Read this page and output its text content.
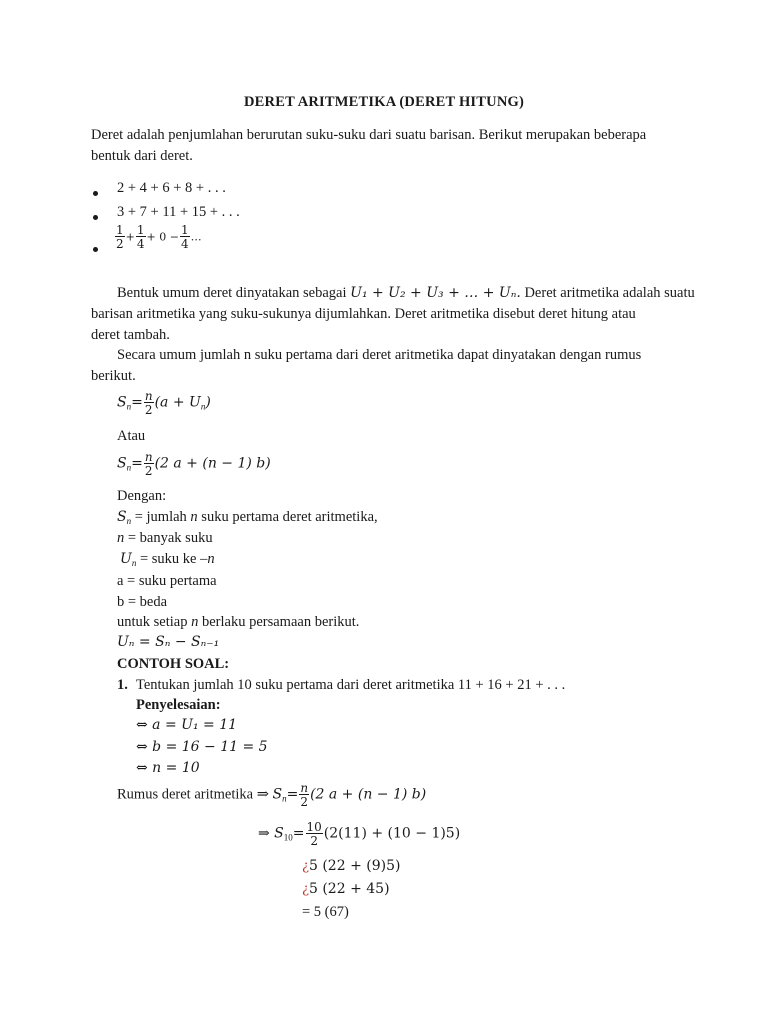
DERET ARITMETIKA (DERET HITUNG)
Deret adalah penjumlahan berurutan suku-suku dari suatu barisan. Berikut merupakan beberapa
bentuk dari deret.
2 + 4 + 6 + 8 + . . .
3 + 7 + 11 + 15 + . . .
$\frac{1}{2} + \frac{1}{4} + 0 - \frac{1}{4}$ …
Bentuk umum deret dinyatakan sebagai U₁ + U₂ + U₃ + … + Uₙ. Deret aritmetika adalah suatu
barisan aritmetika yang suku-sukunya dijumlahkan. Deret aritmetika disebut deret hitung atau
deret tambah.
Secara umum jumlah n suku pertama dari deret aritmetika dapat dinyatakan dengan rumus
berikut.
$S_n= \frac{n}{2} (a + U_n)$
Atau
$S_n= \frac{n}{2} (2$ a + (n − 1) b)
Dengan:
$S_n$ = jumlah n suku pertama deret aritmetika,
n = banyak suku
$U_n$ = suku ke –n
a = suku pertama
b = beda
untuk setiap n berlaku persamaan berikut.
Uₙ = Sₙ − Sₙ₋₁
CONTOH SOAL:
1. Tentukan jumlah 10 suku pertama dari deret aritmetika 11 + 16 + 21 + . . .
Penyelesaian:
⇔ a = U₁ = 11
⇔ b = 16 − 11 = 5
⇔ n = 10
Rumus deret aritmetika ⇒ $S_n= \frac{n}{2} (2$ a + (n − 1) b)
⇒ $S_{10}= \frac{10}{2} (2(11) + (10 - 1)5)$
¿5 (22 + (9)5)
¿5 (22 + 45)
= 5 (67)
